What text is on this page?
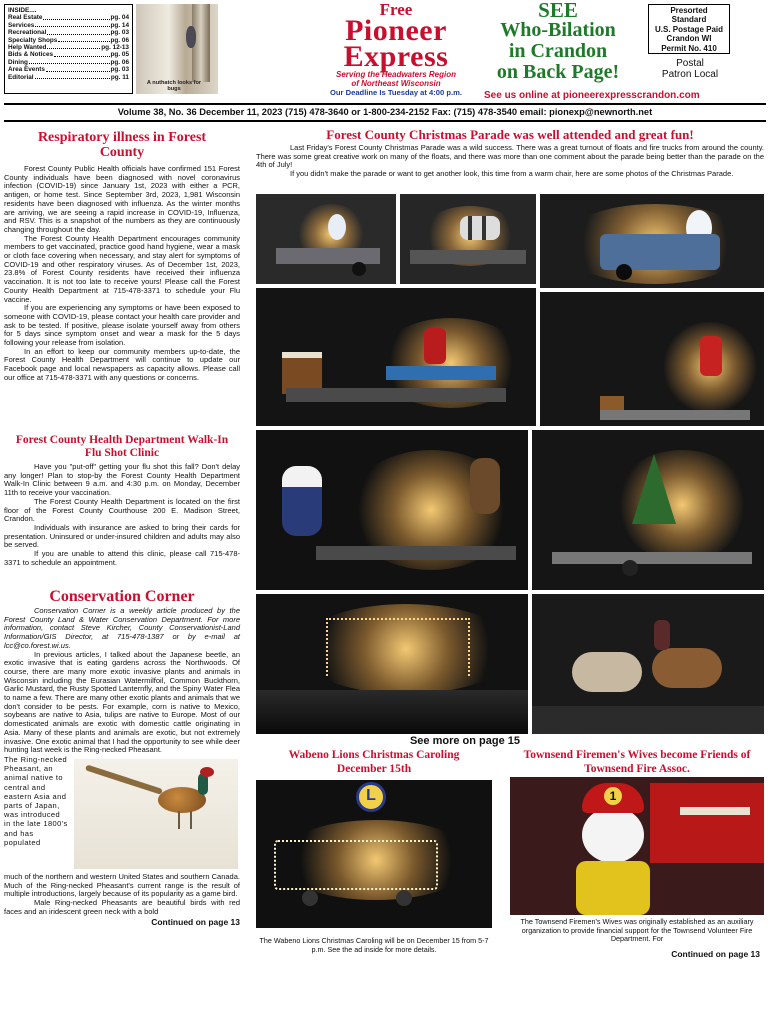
INSIDE....
Real Estate	pg. 04
Services	pg. 14
Recreational	pg. 03
Specialty Shops	pg. 06
Help Wanted	pg. 12-13
Bids & Notices	pg. 05
Dining	pg. 06
Area Events	pg. 03
Editorial	pg. 11
A nuthatch looks for bugs
Free
Pioneer
Express
Serving the Headwaters Region
of Northeast Wisconsin
Our Deadline Is Tuesday at 4:00 p.m.
SEE
Who-Bilation
in Crandon
on Back Page!
Presorted
Standard
U.S. Postage Paid
Crandon WI
Permit No. 410
Postal
Patron Local
See us online at pioneerexpresscrandon.com
Volume 38, No. 36 December 11, 2023 (715) 478-3640 or 1-800-234-2152 Fax: (715) 478-3540 email: pionexp@newnorth.net
Respiratory illness in Forest County
Forest County Public Health officials have confirmed 151 Forest County individuals have been diagnosed with novel coronavirus infection (COVID-19) since January 1st, 2023 with either a PCR, antigen, or home test. Since September 3rd, 2023, 1,981 Wisconsin residents have been diagnosed with influenza. As the winter months are arriving, we are seeing a rapid increase in COVID-19, Influenza, and RSV. This is a snapshot of the numbers as they are continuously changing throughout the day.
The Forest County Health Department encourages community members to get vaccinated, practice good hand hygiene, wear a mask or cloth face covering when necessary, and stay alert for symptoms of COVID-19 and other respiratory viruses. As of December 1st, 2023, 23.8% of Forest County residents have received their influenza vaccination. It is not too late to receive yours! Please call the Forest County Health Department at 715-478-3371 to schedule your Flu vaccine.
If you are experiencing any symptoms or have been exposed to someone with COVID-19, please contact your health care provider and ask to be tested. If positive, please isolate yourself away from others for 5 days since symptom onset and wear a mask for the 5 days following your release from isolation.
In an effort to keep our community members up-to-date, the Forest County Health Department will continue to update our Facebook page and local newspapers as capacity allows. Please call our office at 715-478-3371 with any questions or concerns.
Forest County Health Department Walk-In Flu Shot Clinic
Have you "put-off" getting your flu shot this fall? Don't delay any longer! Plan to stop-by the Forest County Health Department Walk-In Clinic between 9 a.m. and 4:30 p.m. on Monday, December 11th to receive your vaccination.
The Forest County Health Department is located on the first floor of the Forest County Courthouse 200 E. Madison Street, Crandon.
Individuals with insurance are asked to bring their cards for presentation. Uninsured or under-insured children and adults may also be served.
If you are unable to attend this clinic, please call 715-478-3371 to schedule an appointment.
Conservation Corner
Conservation Corner is a weekly article produced by the Forest County Land & Water Conservation Department. For more information, contact Steve Kircher, County Conservationist-Land Information/GIS Director, at 715-478-1387 or by e-mail at lcc@co.forest.wi.us.
In previous articles, I talked about the Japanese beetle, an exotic invasive that is eating gardens across the Northwoods. Of course, there are many more exotic invasive plants and animals in Wisconsin including the Eurasian Watermilfoil, Common Buckthorn, Garlic Mustard, the Rusty Spotted Lanternfly, and the Spiny Water Flea to name a few. There are many other exotic plants and animals that we don't consider to be pests. For example, corn is native to Mexico, soybeans are native to Asia, tulips are native to Europe. Most of our domesticated animals are exotic with domestic cattle originating in Asia. Many of these plants and animals are exotic, but not extremely invasive. One exotic animal that I had the opportunity to see while deer hunting last week is the Ring-necked Pheasant.
The Ring-necked Pheasant, an animal native to central and eastern Asia and parts of Japan, was introduced in the late 1800's and has populated
much of the northern and western United States and southern Canada. Much of the Ring-necked Pheasant's current range is the result of multiple introductions, largely because of its popularity as a game bird.
Male Ring-necked Pheasants are beautiful birds with red faces and an iridescent green neck with a bold
Continued on page 13
Forest County Christmas Parade was well attended and great fun!
Last Friday's Forest County Christmas Parade was a wild success. There was a great turnout of floats and fire trucks from around the county. There was some great creative work on many of the floats, and there was more than one comment about the parade being better than the parade on the 4th of July!
If you didn't make the parade or want to get another look, this time from a warm chair, here are some photos of the Christmas Parade.
See more on page 15
Wabeno Lions Christmas Caroling December 15th
L
The Wabeno Lions Christmas Caroling will be on December 15 from 5-7 p.m. See the ad inside for more details.
Townsend Firemen's Wives become Friends of Townsend Fire Assoc.
1
The Townsend Firemen's Wives was originally established as an auxiliary organization to provide financial support for the Townsend Volunteer Fire Department. For
Continued on page 13
